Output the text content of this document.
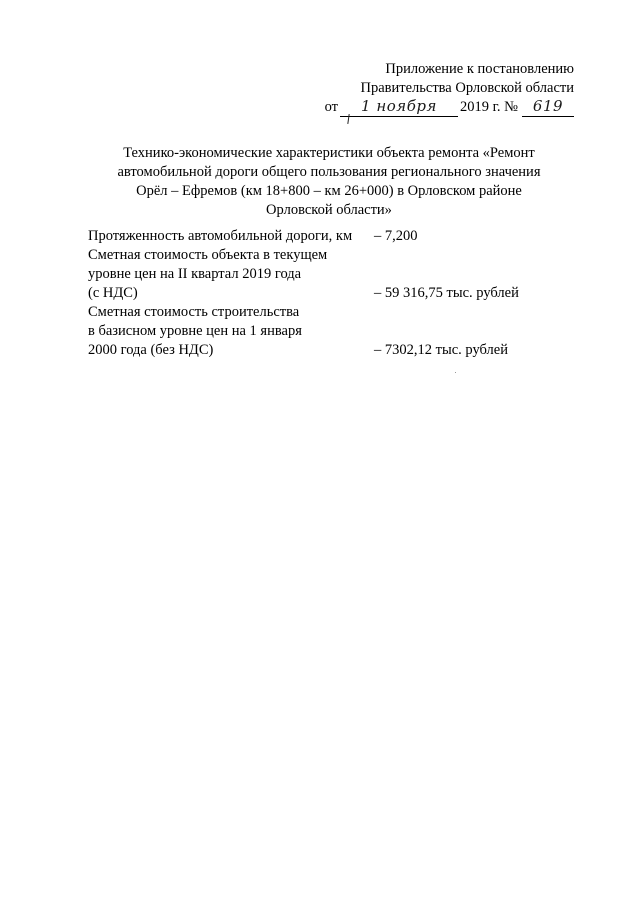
Приложение к постановлению
Правительства Орловской области
от	1 ноября	2019 г. № 619
Технико-экономические характеристики объекта ремонта «Ремонт
автомобильной дороги общего пользования регионального значения
Орёл – Ефремов (км 18+800 – км 26+000) в Орловском районе
Орловской области»
Протяженность автомобильной дороги, км	– 7,200
Сметная стоимость объекта в текущем
уровне цен на II квартал 2019 года
(с НДС)	– 59 316,75 тыс. рублей
Сметная стоимость строительства
в базисном уровне цен на 1 января
2000 года (без НДС)	– 7302,12 тыс. рублей
